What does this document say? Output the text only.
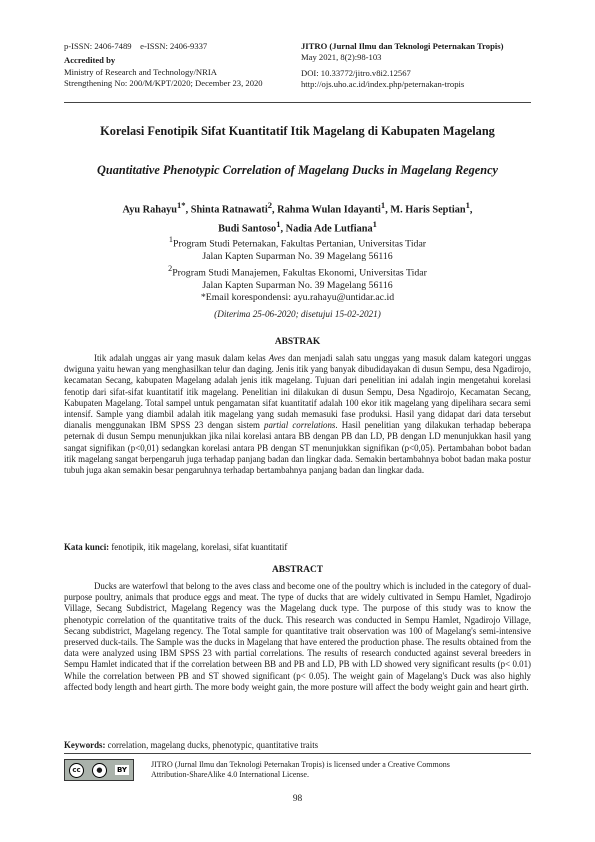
p-ISSN: 2406-7489    e-ISSN: 2406-9337
Accredited by
Ministry of Research and Technology/NRIA
Strengthening No: 200/M/KPT/2020; December 23, 2020
JITRO (Jurnal Ilmu dan Teknologi Peternakan Tropis)
May 2021, 8(2):98-103
DOI: 10.33772/jitro.v8i2.12567
http://ojs.uho.ac.id/index.php/peternakan-tropis
Korelasi Fenotipik Sifat Kuantitatif Itik Magelang di Kabupaten Magelang
Quantitative Phenotypic Correlation of Magelang Ducks in Magelang Regency
Ayu Rahayu$^{1*}$, Shinta Ratnawati$^2$, Rahma Wulan Idayanti$^1$, M. Haris Septian$^1$,
Budi Santoso$^1$, Nadia Ade Lutfiana$^1$
$^1$Program Studi Peternakan, Fakultas Pertanian, Universitas Tidar
Jalan Kapten Suparman No. 39 Magelang 56116
$^2$Program Studi Manajemen, Fakultas Ekonomi, Universitas Tidar
Jalan Kapten Suparman No. 39 Magelang 56116
*Email korespondensi: ayu.rahayu@untidar.ac.id
(Diterima 25-06-2020; disetujui 15-02-2021)
ABSTRAK

Itik adalah unggas air yang masuk dalam kelas Aves dan menjadi salah satu unggas yang masuk dalam kategori unggas dwiguna yaitu hewan yang menghasilkan telur dan daging. Jenis itik yang banyak dibudidayakan di dusun Sempu, desa Ngadirojo, kecamatan Secang, kabupaten Magelang adalah jenis itik magelang. Tujuan dari penelitian ini adalah ingin mengetahui korelasi fenotip dari sifat-sifat kuantitatif itik magelang. Penelitian ini dilakukan di dusun Sempu, Desa Ngadirojo, Kecamatan Secang, Kabupaten Magelang. Total sampel untuk pengamatan sifat kuantitatif adalah 100 ekor itik magelang yang dipelihara secara semi intensif. Sample yang diambil adalah itik magelang yang sudah memasuki fase produksi. Hasil yang didapat dari data tersebut dianalis menggunakan IBM SPSS 23 dengan sistem partial correlations. Hasil penelitian yang dilakukan terhadap beberapa peternak di dusun Sempu menunjukkan jika nilai korelasi antara BB dengan PB dan LD, PB dengan LD menunjukkan hasil yang sangat signifikan (p<0,01) sedangkan korelasi antara PB dengan ST menunjukkan signifikan (p<0,05). Pertambahan bobot badan itik magelang sangat berpengaruh juga terhadap panjang badan dan lingkar dada. Semakin bertambahnya bobot badan maka postur tubuh juga akan semakin besar pengaruhnya terhadap bertambahnya panjang badan dan lingkar dada.

Kata kunci: fenotipik, itik magelang, korelasi, sifat kuantitatif
ABSTRACT

Ducks are waterfowl that belong to the aves class and become one of the poultry which is included in the category of dual-purpose poultry, animals that produce eggs and meat. The type of ducks that are widely cultivated in Sempu Hamlet, Ngadirojo Village, Secang Subdistrict, Magelang Regency was the Magelang duck type. The purpose of this study was to know the phenotypic correlation of the quantitative traits of the duck. This research was conducted in Sempu Hamlet, Ngadirojo Village, Secang subdistrict, Magelang regency. The Total sample for quantitative trait observation was 100 of Magelang's semi-intensive preserved duck-tails. The Sample was the ducks in Magelang that have entered the production phase. The results obtained from the data were analyzed using IBM SPSS 23 with partial correlations. The results of research conducted against several breeders in Sempu Hamlet indicated that if the correlation between BB and PB and LD, PB with LD showed very significant results (p< 0.01) While the correlation between PB and ST showed significant (p< 0.05). The weight gain of Magelang's Duck was also highly affected body length and heart girth. The more body weight gain, the more posture will affect the body weight gain and heart girth.

Keywords: correlation, magelang ducks, phenotypic, quantitative traits
cc	●	BY
JITRO (Jurnal Ilmu dan Teknologi Peternakan Tropis) is licensed under a Creative Commons
Attribution-ShareAlike 4.0 International License.
98
